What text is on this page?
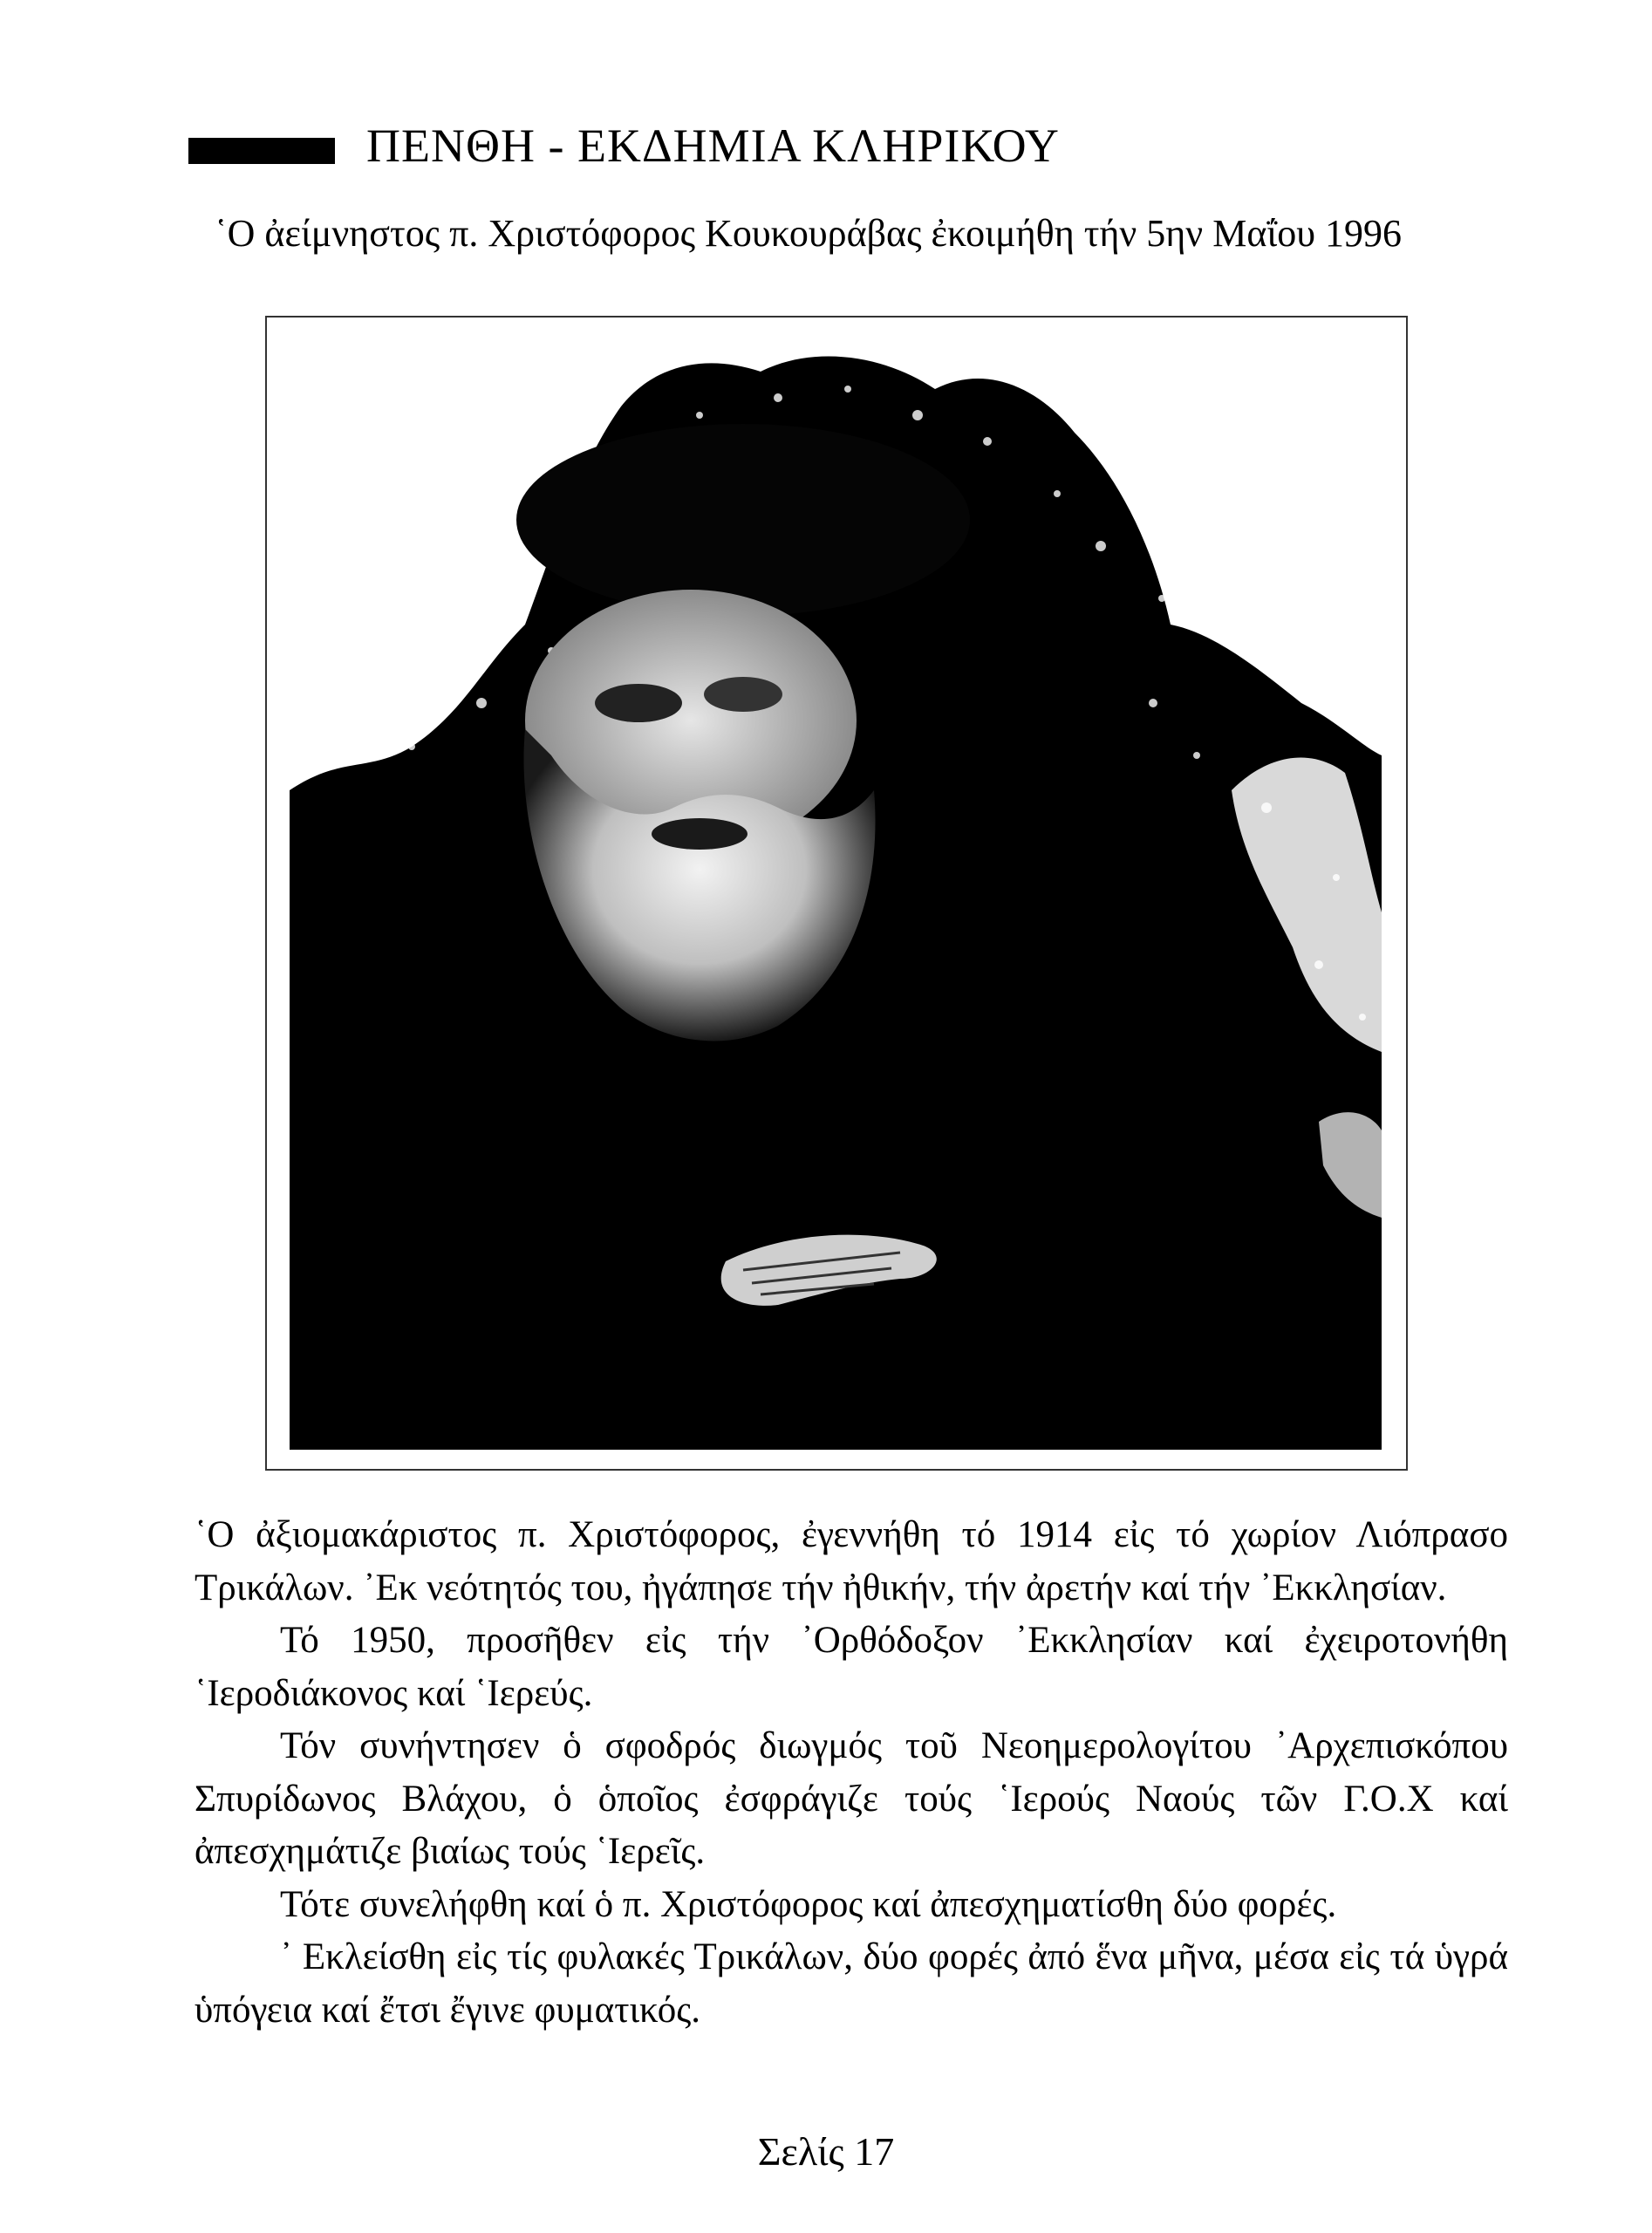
ΠΕΝΘΗ - ΕΚΔΗΜΙΑ ΚΛΗΡΙΚΟΥ
῾Ο ἀείμνηστος π. Χριστόφορος Κουκουράβας ἐκοιμήθη τήν 5ην Μαΐου 1996

῾Ο ἀξιομακάριστος π. Χριστόφορος, ἐγεννήθη τό 1914 εἰς τό χωρίον Λιόπρασο Τρικάλων. ᾿Εκ νεότητός του, ἠγάπησε τήν ἠθικήν, τήν ἀρετήν καί τήν ᾿Εκκλησίαν.

Τό 1950, προσῆθεν εἰς τήν ᾿Ορθόδοξον ᾿Εκκλησίαν καί ἐχειροτονήθη ῾Ιεροδιάκονος καί ῾Ιερεύς.

Τόν συνήντησεν ὁ σφοδρός διωγμός τοῦ Νεοημερολογίτου ᾿Αρχεπισκόπου Σπυρίδωνος Βλάχου, ὁ ὁποῖος ἐσφράγιζε τούς ῾Ιερούς Ναούς τῶν Γ.Ο.Χ καί ἀπεσχημάτιζε βιαίως τούς ῾Ιερεῖς.

Τότε συνελήφθη καί ὁ π. Χριστόφορος καί ἀπεσχηματίσθη δύο φορές.

᾿ Εκλείσθη εἰς τίς φυλακές Τρικάλων, δύο φορές ἀπό ἕνα μῆνα, μέσα εἰς τά ὑγρά ὑπόγεια καί ἔτσι ἔγινε φυματικός.

Σελίς 17
